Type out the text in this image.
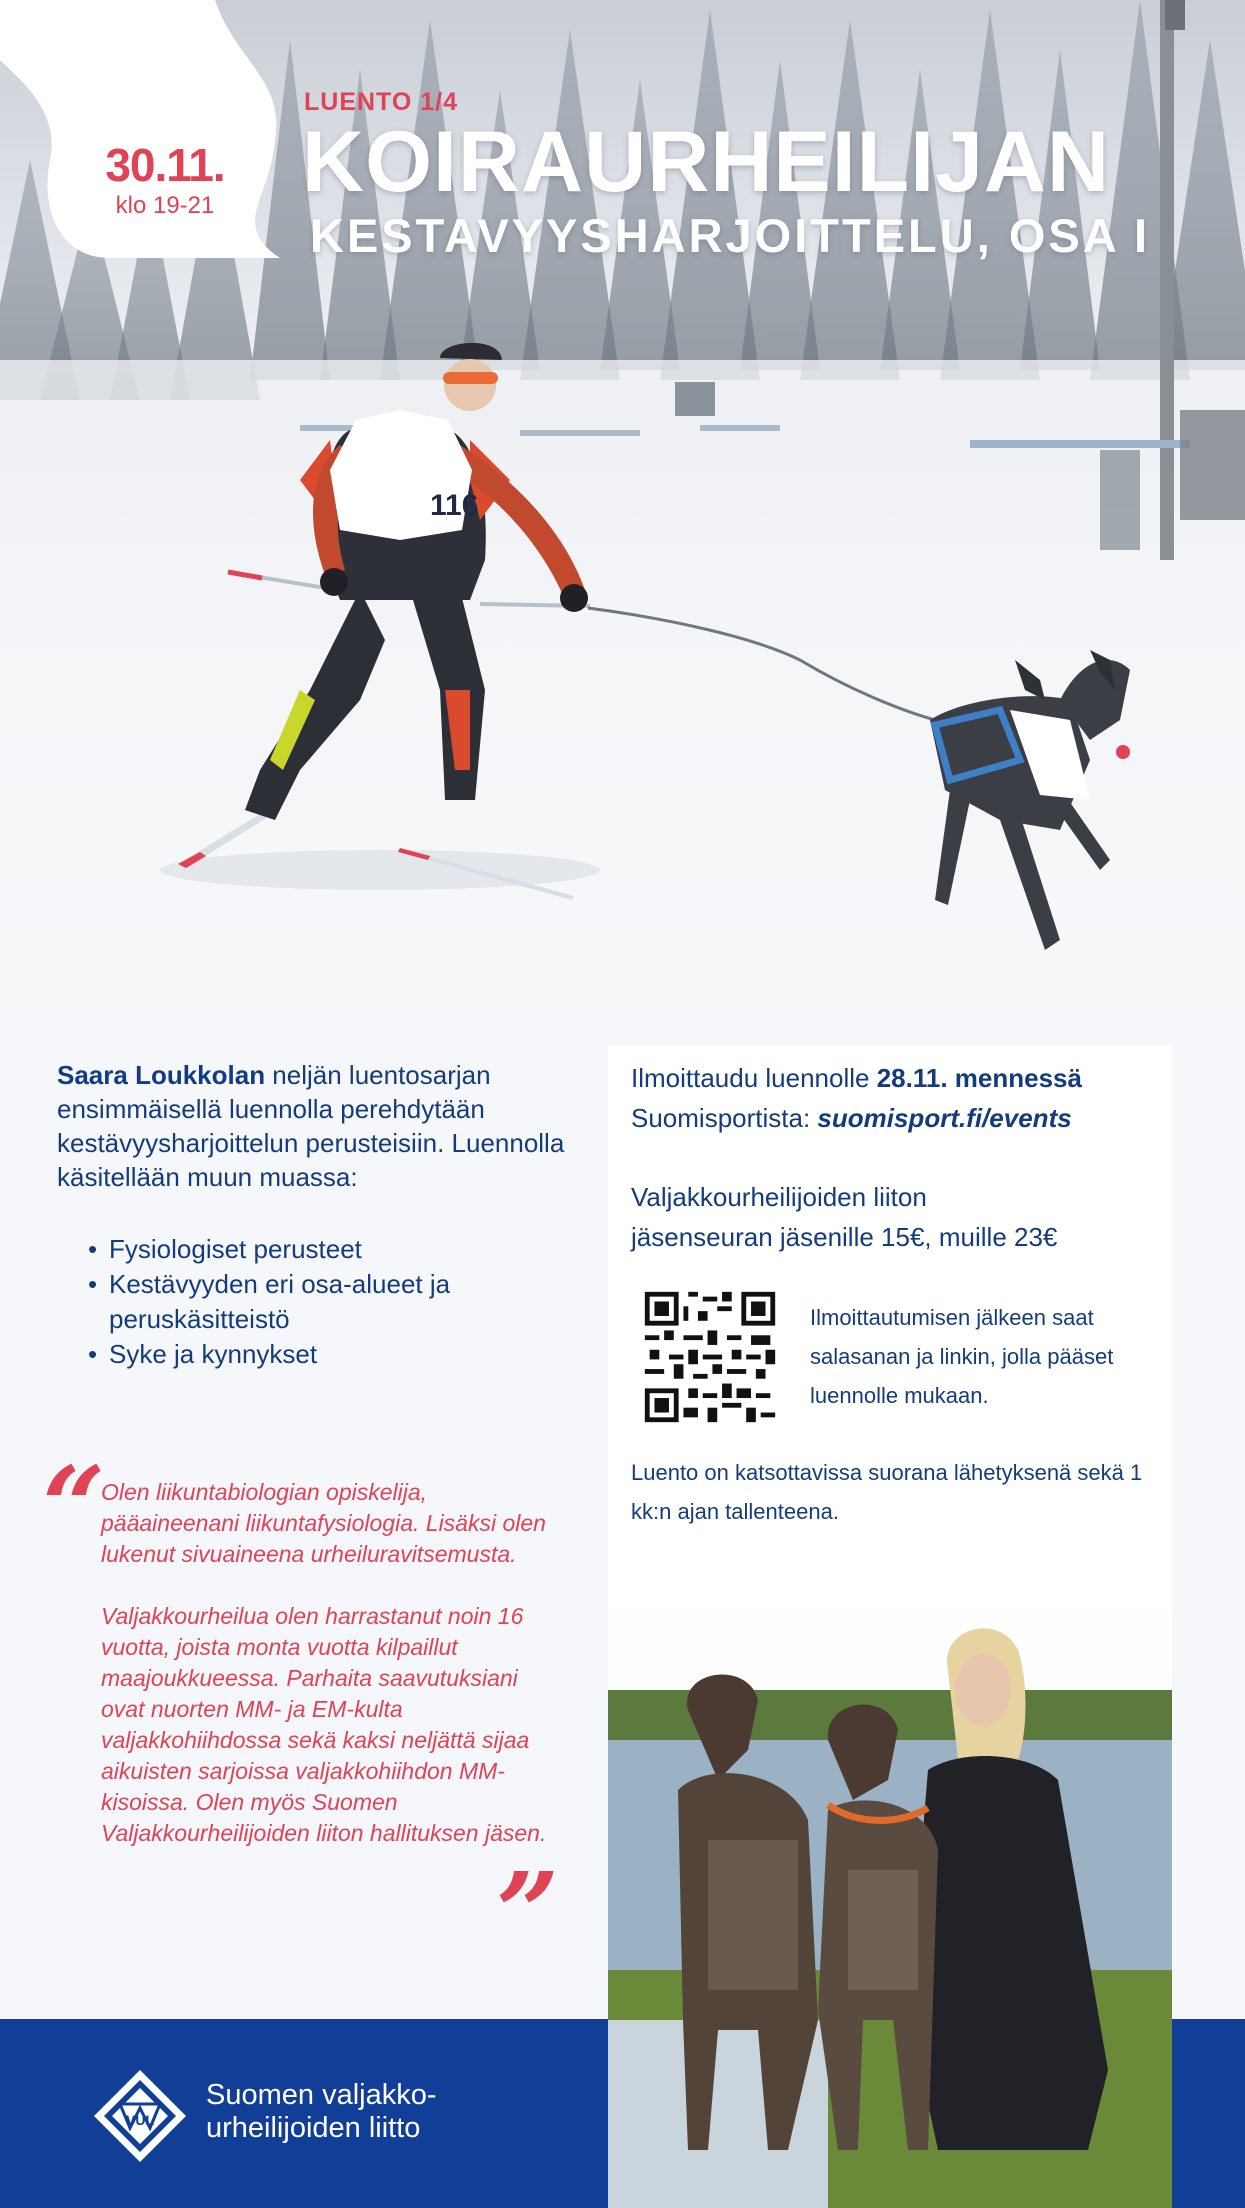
30.11.
klo 19-21
LUENTO 1/4
KOIRAURHEILIJAN
KESTAVYYSHARJOITTELU, OSA I
116
Saara Loukkolan neljän luentosarjan ensimmäisellä luennolla perehdytään kestävyysharjoittelun perusteisiin. Luennolla käsitellään muun muassa:
• Fysiologiset perusteet
• Kestävyyden eri osa-alueet ja
peruskäsitteistö
• Syke ja kynnykset
“

Olen liikuntabiologian opiskelija, pääaineenani liikuntafysiologia. Lisäksi olen lukenut sivuaineena urheiluravitsemusta.

Valjakkourheilua olen harrastanut noin 16 vuotta, joista monta vuotta kilpaillut maajoukkueessa. Parhaita saavutuksiani ovat nuorten MM- ja EM-kulta valjakkohiihdossa sekä kaksi neljättä sijaa aikuisten sarjoissa valjakkohiihdon MM-kisoissa. Olen myös Suomen Valjakkourheilijoiden liiton hallituksen jäsen.

”
Ilmoittaudu luennolle 28.11. mennessä
Suomisportista: suomisport.fi/events
Valjakkourheilijoiden liiton
jäsenseuran jäsenille 15€, muille 23€
Ilmoittautumisen jälkeen saat salasanan ja linkin, jolla pääset luennolle mukaan.
Luento on katsottavissa suorana lähetyksenä sekä 1 kk:n ajan tallenteena.
VUL
Suomen valjakko-
urheilijoiden liitto
